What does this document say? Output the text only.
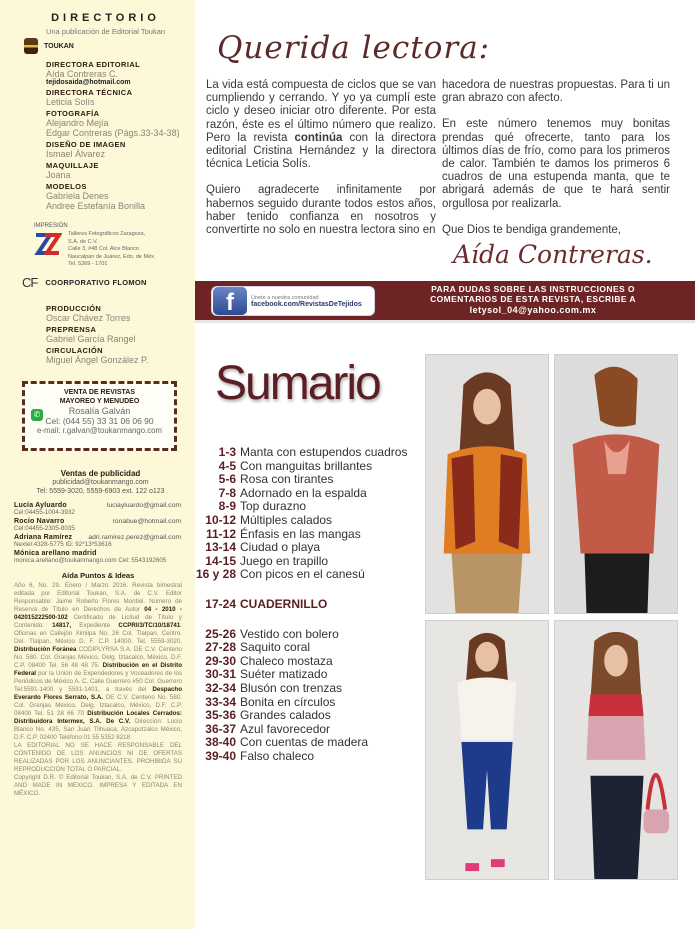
DIRECTORIO
Una publicación de Editorial Toukan
TOUKAN
DIRECTORA EDITORIAL
Aída Contreras C.
tejidosaida@hotmail.com
DIRECTORA TÉCNICA
Leticia Solís
FOTOGRAFÍA
Alejandro Mejía
Edgar Contreras (Págs.33-34-38)
DISEÑO DE IMAGEN
Ismael Álvarez
MAQUILLAJE
Joana
MODELOS
Gabriela Denes
Andree Estefanía Bonilla
IMPRESIÓN
Talleres Fotográficos Zaragoza,
S.A. de C.V.
Calle 3, #48 Col. Alce Blanco
Naucalpan de Juárez, Edo. de Méx.
Tel. 5369 - 1701
CF COORPORATIVO FLOMON
PRODUCCIÓN
Oscar Chávez Torres
PREPRENSA
Gabriel García Rangel
CIRCULACIÓN
Miguel Ángel González P.
✆
VENTA DE REVISTAS
MAYOREO Y MENUDEO
Rosalía Galván
Cel: (044 55) 33 31 06 06 90
e-mail: r.galvan@toukanmango.com
Ventas de publicidad
publicidad@toukanmango.com
Tel: 5559-3020, 5559-6903 ext. 122 o123
Lucía Ayluardo	luciayluardo@gmail.com
Cel:04455-1004-3932
Rocío Navarro	ronabue@hotmail.com
Cel:04455-2305-8035
Adriana Ramírez adri.ramirez.perez@gmail.com
Nextel:4328-5775 ID: 92*13*53616
Mónica arellano madrid
monica.arellano@toukanmango.com Cel: 5543192605
Aída Puntos & Ideas
Año 6, No. 29. Enero / Marzo 2016. Revista bimestral editada por Editorial Toukan, S.A. de C.V. Editor Responsable: Jaime Roberto Flores Montiel. Número de Reserva de Título en Derechos de Autor 04 - 2010 - 042015222500-102 Certificado de Licitud de Título y Contenido: 14817, Expediente CCPRI/3/TC/10/18741. Oficinas en Callejón Ximilpa No. 26 Col. Tlalpan, Centro. Del. Tlalpan, México D. F. C.P. 14000. Tel. 5559-3020. Distribución Foránea CODIPLYRSA S.A. DE C.V. Centeno No. 580. Col. Granjas México, Delg. Iztacalco, México, D.F. C.P. 08400 Tel. 56 48 48 75. Distribución en el Distrito Federal por la Unión de Expendedores y Voceadores de los Periódicos de México A. C. Calle Guerrero #50 Col. Guerrero Tel:5591-1400 y 5591-1401, a través del Despacho Everardo Flores Serrato, S.A. DE C.V. Centeno No. 580. Col. Granjas México, Delg. Iztacalco, México, D.F. C.P. 08400 Tel. 51 28 66 70 Distribución Locales Cerrados: Distribuidora Intermex, S.A. De C.V. Dirección: Lucio Blanco No. 435, San Juan Tlihuaca, Azcapotzalco México, D.F. C.P. 02400 Teléfono:01 55 5352 8218
LA EDITORIAL NO SE HACE RESPONSABLE DEL CONTENIDO DE LOS ANUNCIOS NI DE OFERTAS REALIZADAS POR LOS ANUNCIANTES. PROHIBIDA SU REPRODUCCIÓN TOTAL O PARCIAL.
Copyright D.R. © Editorial Toukan, S.A. de C.V. PRINTED AND MADE IN MEXICO. IMPRESA Y EDITADA EN MÉXICO.
Querida lectora:

La vida está compuesta de ciclos que se van cumpliendo y cerrando. Y yo ya cumplí este ciclo y deseo iniciar otro diferente. Por esta razón, éste es el último número que realizo. Pero la revista continúa con la directora editorial Cristina Hernández y la directora técnica Leticia Solís.

Quiero agradecerte infinitamente por habernos seguido durante todos estos años, haber tenido confianza en nosotros y convertirte no solo en nuestra lectora sino en

hacedora de nuestras propuestas. Para ti un gran abrazo con afecto.

En este número tenemos muy bonitas prendas qué ofrecerte, tanto para los últimos días de frío, como para los primeros de calor. También te damos los primeros 6 cuadros de una estupenda manta, que te abrigará además de que te hará sentir orgullosa por realizarla.

Que Dios te bendiga grandemente,

Aída Contreras.
f	Únete a nuestra comunidad
facebook.com/RevistasDeTejidos
PARA DUDAS SOBRE LAS INSTRUCCIONES O
COMENTARIOS DE ESTA REVISTA, ESCRIBE A
letysol_04@yahoo.com.mx
Sumario
1-3 Manta con estupendos cuadros
4-5 Con manguitas brillantes
5-6 Rosa con tirantes
7-8 Adornado en la espalda
8-9 Top durazno
10-12 Múltiples calados
11-12 Énfasis en las mangas
13-14 Ciudad o playa
14-15 Juego en trapillo
16 y 28 Con picos en el canesú
17-24 CUADERNILLO
25-26 Vestido con bolero
27-28 Saquito coral
29-30 Chaleco mostaza
30-31 Suéter matizado
32-34 Blusón con trenzas
33-34 Bonita en círculos
35-36 Grandes calados
36-37 Azul favorecedor
38-40 Con cuentas de madera
39-40 Falso chaleco
